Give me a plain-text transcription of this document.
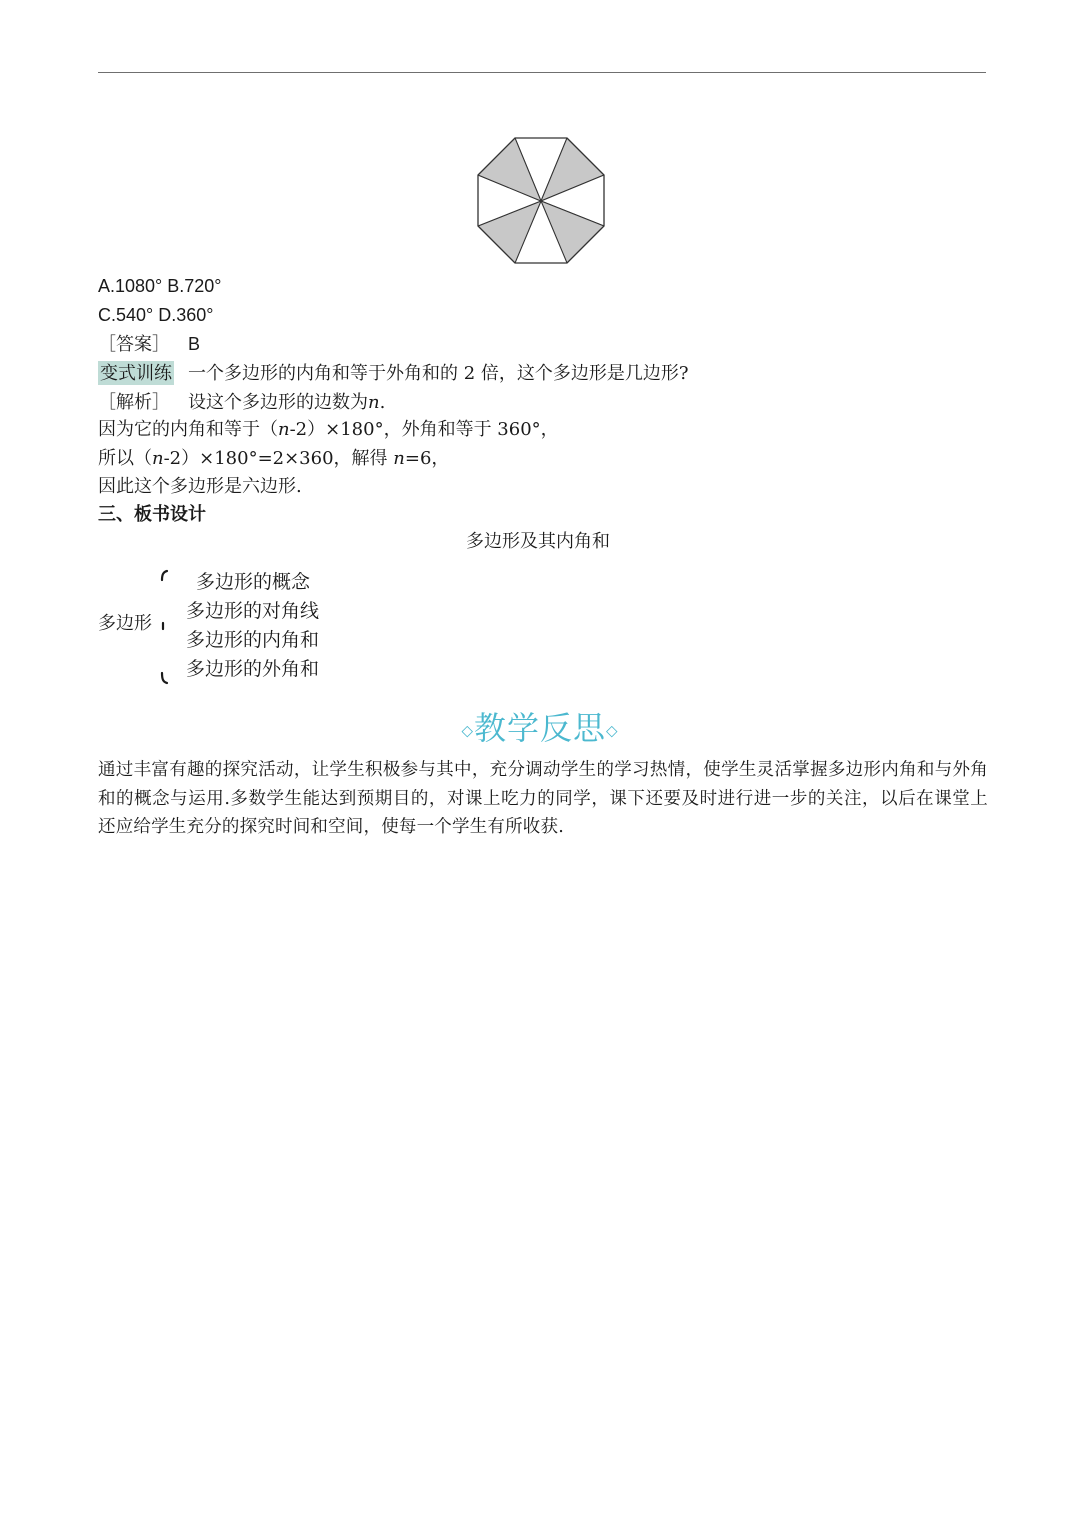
A.1080° B.720°
C.540° D.360°
［答案］ B
变式训练 一个多边形的内角和等于外角和的 2 倍，这个多边形是几边形?
［解析］ 设这个多边形的边数为n.
因为它的内角和等于（n-2）×180°，外角和等于 360°，
所以（n-2）×180°=2×360，解得 n=6，
因此这个多边形是六边形.
三、板书设计
多边形及其内角和
多边形
多边形的概念
多边形的对角线
多边形的内角和
多边形的外角和
◇教学反思◇
通过丰富有趣的探究活动，让学生积极参与其中，充分调动学生的学习热情，使学生灵活掌握多边形内角和与外角和的概念与运用.多数学生能达到预期目的，对课上吃力的同学，课下还要及时进行进一步的关注，以后在课堂上还应给学生充分的探究时间和空间，使每一个学生有所收获.
